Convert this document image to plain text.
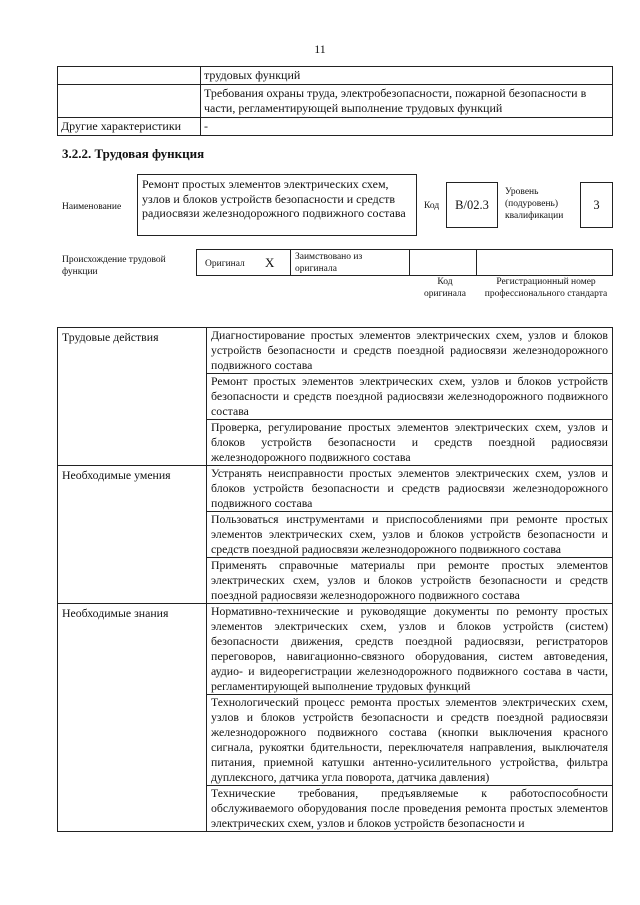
11
	трудовых функций
	Требования охраны труда, электробезопасности, пожарной безопасности в части, регламентирующей выполнение трудовых функций
Другие характеристики	-
3.2.2. Трудовая функция
Наименование
Ремонт простых элементов электрических схем, узлов и блоков устройств безопасности и средств радиосвязи железнодорожного подвижного состава	Код	B/02.3
Уровень (подуровень) квалификации
3
Происхождение трудовой функции
Оригинал X	Заимствовано из оригинала
Код оригинала
Регистрационный номер профессионального стандарта
Трудовые действия	Диагностирование простых элементов электрических схем, узлов и блоков устройств безопасности и средств поездной радиосвязи железнодорожного подвижного состава
	Ремонт простых элементов электрических схем, узлов и блоков устройств безопасности и средств поездной радиосвязи железнодорожного подвижного состава
	Проверка, регулирование простых элементов электрических схем, узлов и блоков устройств безопасности и средств поездной радиосвязи железнодорожного подвижного состава
Необходимые умения	Устранять неисправности простых элементов электрических схем, узлов и блоков устройств безопасности и средств радиосвязи железнодорожного подвижного состава
	Пользоваться инструментами и приспособлениями при ремонте простых элементов электрических схем, узлов и блоков устройств безопасности и средств поездной радиосвязи железнодорожного подвижного состава
	Применять справочные материалы при ремонте простых элементов электрических схем, узлов и блоков устройств безопасности и средств поездной радиосвязи железнодорожного подвижного состава
Необходимые знания	Нормативно-технические и руководящие документы по ремонту простых элементов электрических схем, узлов и блоков устройств (систем) безопасности движения, средств поездной радиосвязи, регистраторов переговоров, навигационно-связного оборудования, систем автоведения, аудио- и видеорегистрации железнодорожного подвижного состава в части, регламентирующей выполнение трудовых функций
	Технологический процесс ремонта простых элементов электрических схем, узлов и блоков устройств безопасности и средств поездной радиосвязи железнодорожного подвижного состава (кнопки выключения красного сигнала, рукоятки бдительности, переключателя направления, выключателя питания, приемной катушки антенно-усилительного устройства, фильтра дуплексного, датчика угла поворота, датчика давления)
	Технические требования, предъявляемые к работоспособности обслуживаемого оборудования после проведения ремонта простых элементов электрических схем, узлов и блоков устройств безопасности и
